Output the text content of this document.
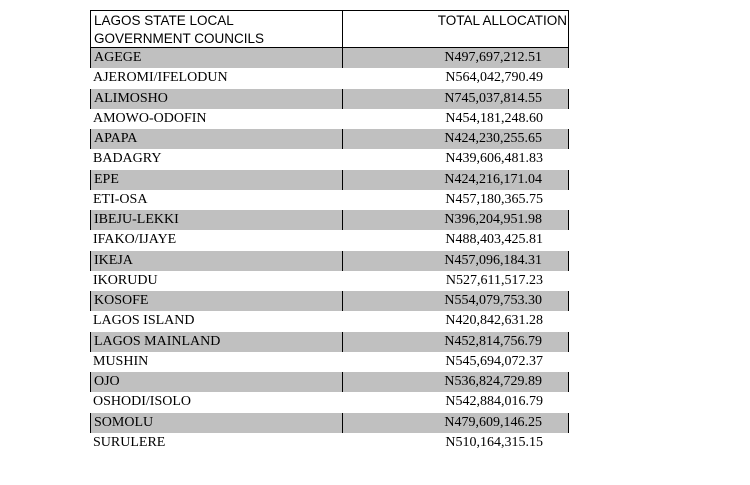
LAGOS STATE LOCAL
GOVERNMENT COUNCILS
TOTAL ALLOCATION
AGEGE	N497,697,212.51
AJEROMI/IFELODUN	N564,042,790.49
ALIMOSHO	N745,037,814.55
AMOWO-ODOFIN	N454,181,248.60
APAPA	N424,230,255.65
BADAGRY	N439,606,481.83
EPE	N424,216,171.04
ETI-OSA	N457,180,365.75
IBEJU-LEKKI	N396,204,951.98
IFAKO/IJAYE	N488,403,425.81
IKEJA	N457,096,184.31
IKORUDU	N527,611,517.23
KOSOFE	N554,079,753.30
LAGOS ISLAND	N420,842,631.28
LAGOS MAINLAND	N452,814,756.79
MUSHIN	N545,694,072.37
OJO	N536,824,729.89
OSHODI/ISOLO	N542,884,016.79
SOMOLU	N479,609,146.25
SURULERE	N510,164,315.15
